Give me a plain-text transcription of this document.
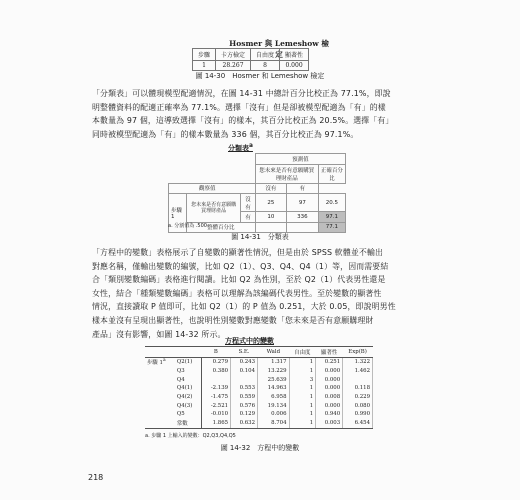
Hosmer 與 Lemeshow 檢定
步驟	卡方檢定	自由度	顯著性
1	28.267	8	0.000
圖 14-30　Hosmer 和 Lemeshow 檢定

「分類表」可以體現模型配適情況，在圖 14-31 中總計百分比校正為 77.1%，即說

明整體資料的配適正確率為 77.1%。選擇「沒有」但是卻被模型配適為「有」的樣

本數量為 97 個，這導致選擇「沒有」的樣本，其百分比校正為 20.5%。選擇「有」

同時被模型配適為「有」的樣本數量為 336 個，其百分比校正為 97.1%。

分類表$^a$
			預測值		
			您未來是否有意願購買理財產品		正確百分比

觀察值			沒有	有	
步驟 1	您未來是否有意願購買理財產品	沒有	25	97	20.5
		有	10	336	97.1
	整體百分比				77.1
a. 分割值為 .500
圖 14-31　分類表

「方程中的變數」表格展示了自變數的顯著性情況，但是由於 SPSS 軟體並不輸出

對應名稱，僅輸出變數的編號，比如 Q2（1）、Q3、Q4、Q4（1）等，因而需要結

合「類別變數編碼」表格進行閱讀。比如 Q2 為性別，至於 Q2（1）代表男性還是

女性，結合「種類變數編碼」表格可以理解為該編碼代表男性。至於變數的顯著性

情況，直接讀取 P 值即可，比如 Q2（1）的 P 值為 0.251，大於 0.05，即說明男性

樣本並沒有呈現出顯著性，也說明性別變數對應變數「您未來是否有意願購理財

產品」沒有影響，如圖 14-32 所示。

方程式中的變數
		B	S.E.	Wald	自由度	顯著性	Exp(B)
步驟 1$^a$	Q2(1)	0.279	0.243	1.317	1	0.251	1.322
	Q3	0.380	0.104	13.229	1	0.000	1.462
	Q4			25.639	3	0.000	
	Q4(1)	-2.139	0.553	14.963	1	0.000	0.118
	Q4(2)	-1.475	0.559	6.958	1	0.008	0.229
	Q4(3)	-2.521	0.576	19.134	1	0.000	0.080
	Q5	-0.010	0.129	0.006	1	0.940	0.990
	常數	1.865	0.632	8.704	1	0.003	6.454
a. 步驟 1 上輸入的變數：Q2,Q3,Q4,Q5
圖 14-32　方程中的變數
218
